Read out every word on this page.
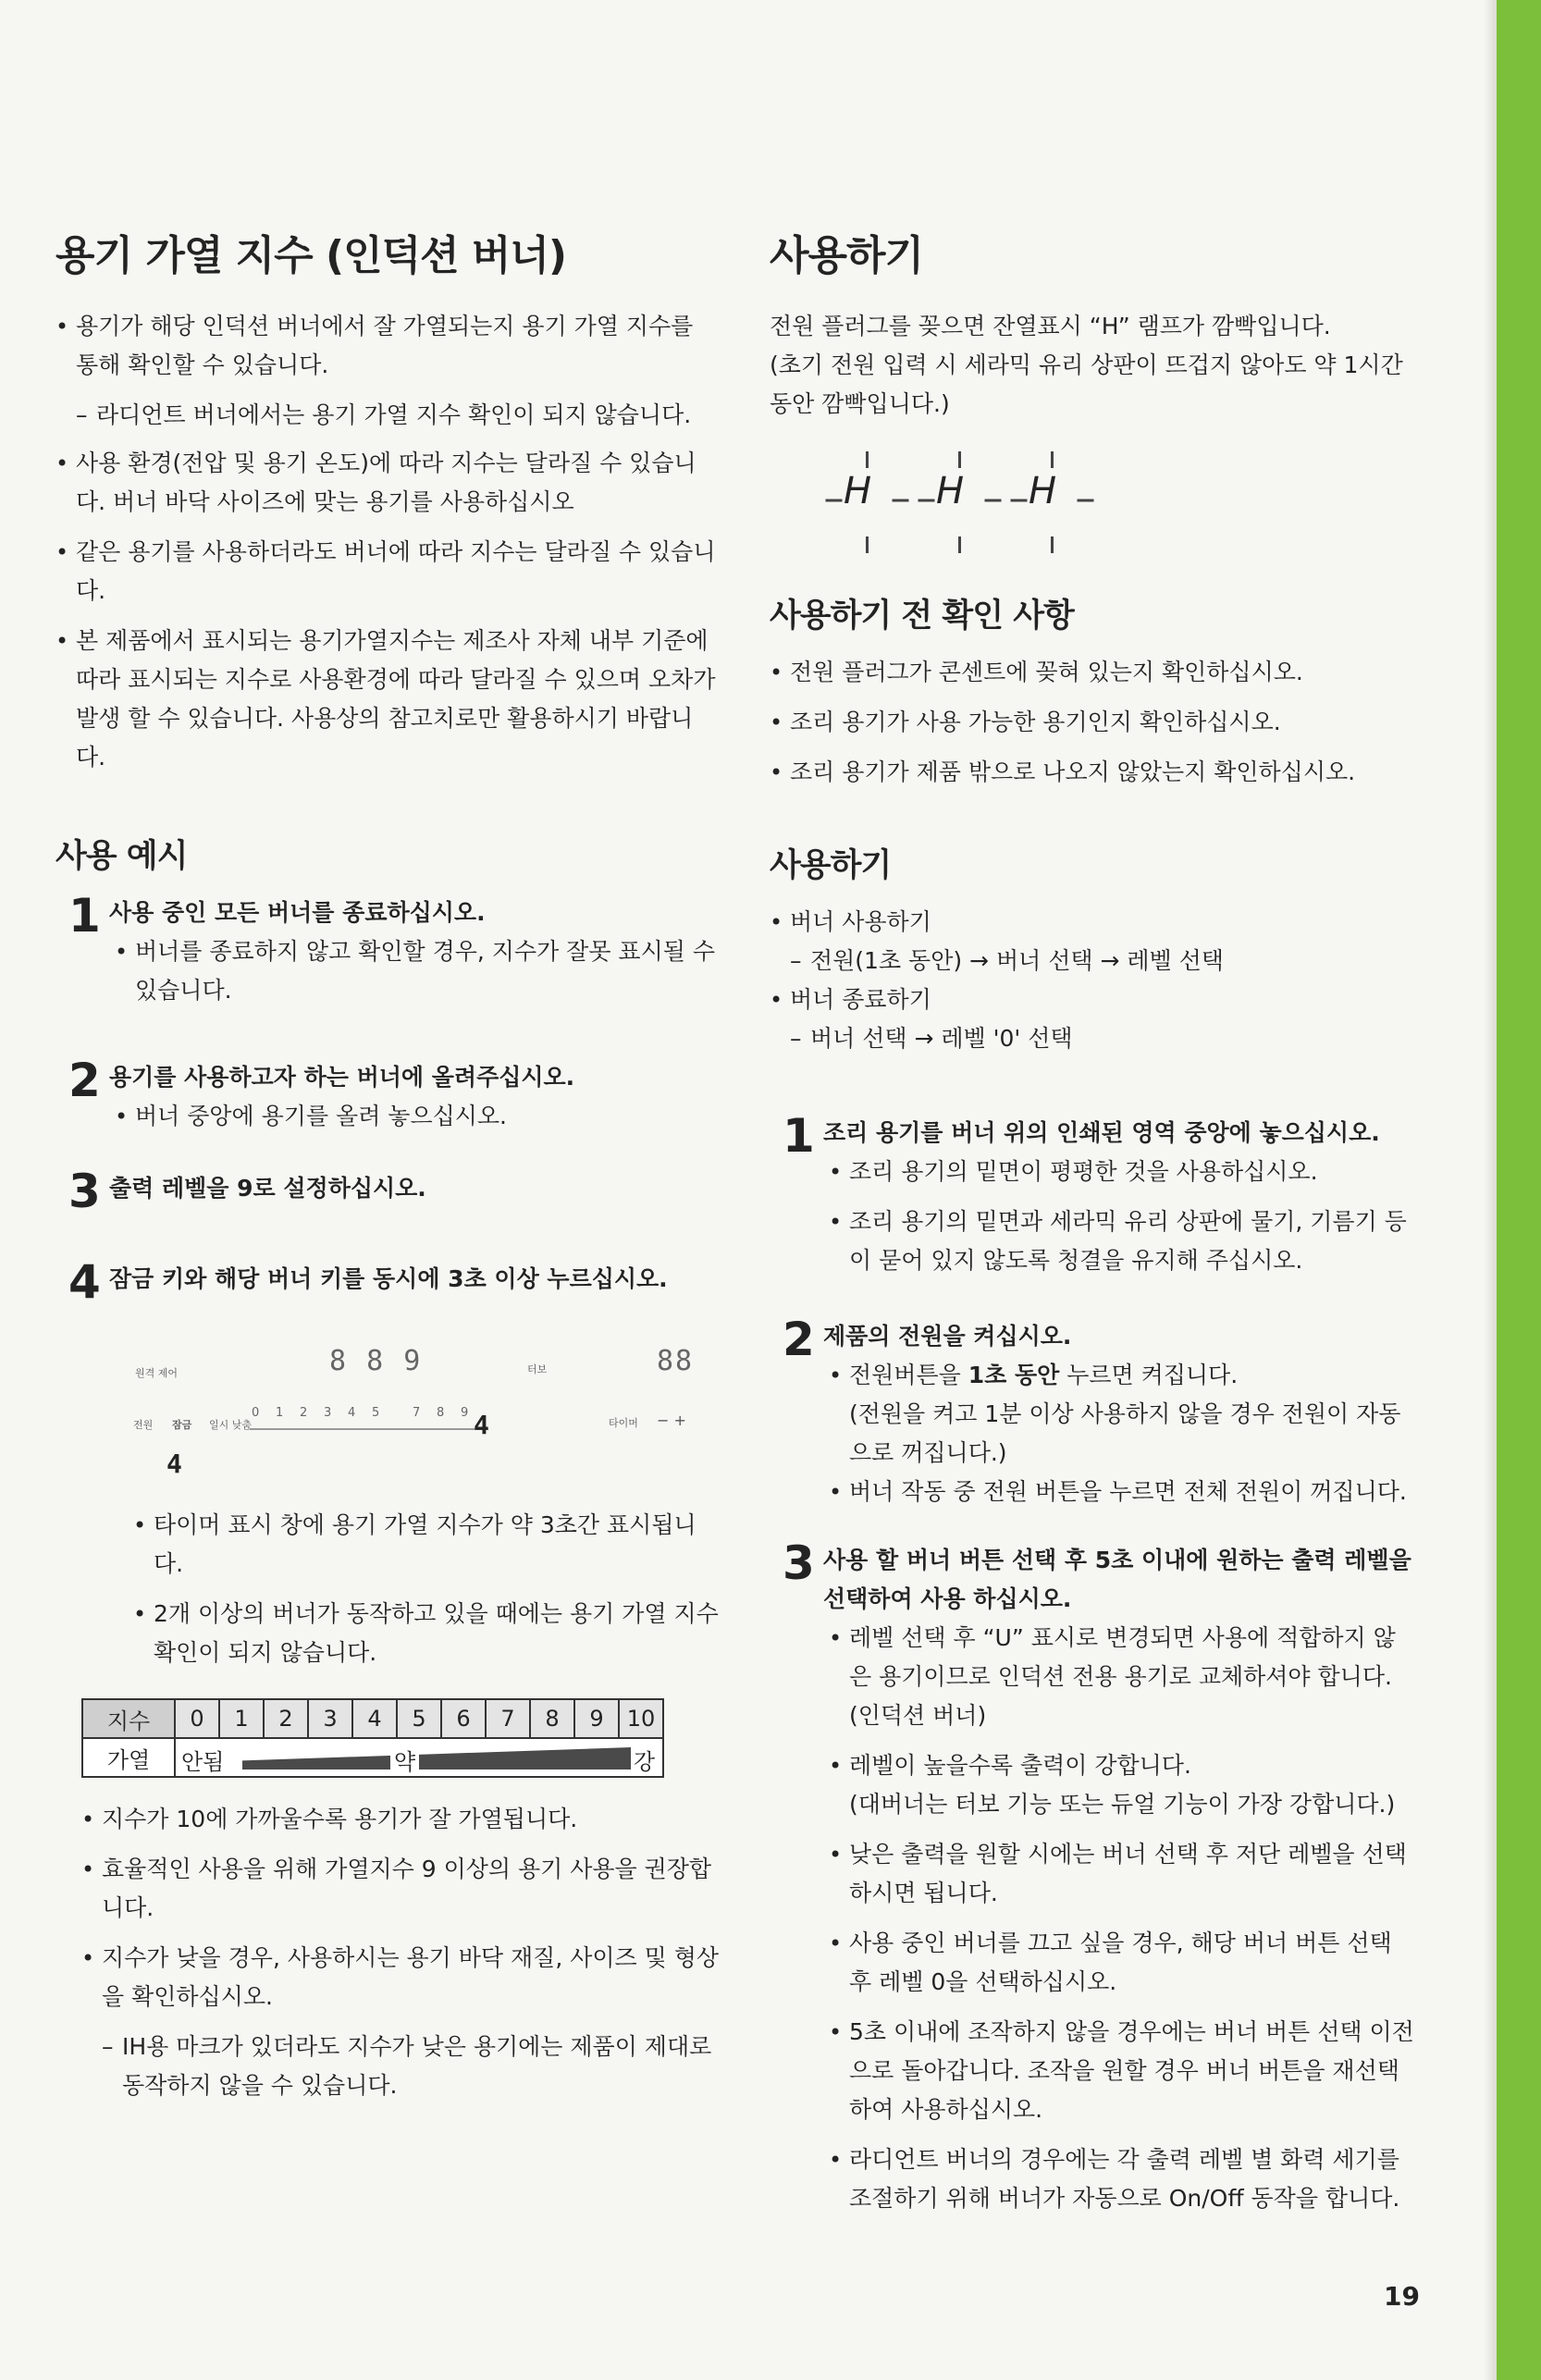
용기 가열 지수 (인덕션 버너)
• 용기가 해당 인덕션 버너에서 잘 가열되는지 용기 가열 지수를 통해 확인할 수 있습니다.
– 라디언트 버너에서는 용기 가열 지수 확인이 되지 않습니다.
• 사용 환경(전압 및 용기 온도)에 따라 지수는 달라질 수 있습니다. 버너 바닥 사이즈에 맞는 용기를 사용하십시오
• 같은 용기를 사용하더라도 버너에 따라 지수는 달라질 수 있습니다.
• 본 제품에서 표시되는 용기가열지수는 제조사 자체 내부 기준에 따라 표시되는 지수로 사용환경에 따라 달라질 수 있으며 오차가 발생 할 수 있습니다. 사용상의 참고치로만 활용하시기 바랍니다.
사용 예시
1 사용 중인 모든 버너를 종료하십시오.
• 버너를 종료하지 않고 확인할 경우, 지수가 잘못 표시될 수 있습니다.
2 용기를 사용하고자 하는 버너에 올려주십시오.
• 버너 중앙에 용기를 올려 놓으십시오.
3 출력 레벨을 9로 설정하십시오.
4 잠금 키와 해당 버너 키를 동시에 3초 이상 누르십시오.
원격 제어	8 8 9	터보	88
전원 잠금 일시 낮춤
0 1 2 3 4 5	7 8 9
타이머 − +
4
4
• 타이머 표시 창에 용기 가열 지수가 약 3초간 표시됩니다.
• 2개 이상의 버너가 동작하고 있을 때에는 용기 가열 지수 확인이 되지 않습니다.
지수	0	1	2	3	4	5	6	7	8	9	10
가열	안됨 약 강										
• 지수가 10에 가까울수록 용기가 잘 가열됩니다.
• 효율적인 사용을 위해 가열지수 9 이상의 용기 사용을 권장합니다.
• 지수가 낮을 경우, 사용하시는 용기 바닥 재질, 사이즈 및 형상을 확인하십시오.
– IH용 마크가 있더라도 지수가 낮은 용기에는 제품이 제대로 동작하지 않을 수 있습니다.
사용하기

전원 플러그를 꽂으면 잔열표시 “H” 램프가 깜빡입니다.

(초기 전원 입력 시 세라믹 유리 상판이 뜨겁지 않아도 약 1시간 동안 깜빡입니다.)

H H H
사용하기 전 확인 사항
• 전원 플러그가 콘센트에 꽂혀 있는지 확인하십시오.
• 조리 용기가 사용 가능한 용기인지 확인하십시오.
• 조리 용기가 제품 밖으로 나오지 않았는지 확인하십시오.
사용하기
• 버너 사용하기
– 전원(1초 동안) → 버너 선택 → 레벨 선택
• 버너 종료하기
– 버너 선택 → 레벨 '0' 선택
1 조리 용기를 버너 위의 인쇄된 영역 중앙에 놓으십시오.
• 조리 용기의 밑면이 평평한 것을 사용하십시오.
• 조리 용기의 밑면과 세라믹 유리 상판에 물기, 기름기 등이 묻어 있지 않도록 청결을 유지해 주십시오.
2 제품의 전원을 켜십시오.
• 전원버튼을 1초 동안 누르면 켜집니다.
(전원을 켜고 1분 이상 사용하지 않을 경우 전원이 자동으로 꺼집니다.)
• 버너 작동 중 전원 버튼을 누르면 전체 전원이 꺼집니다.
3 사용 할 버너 버튼 선택 후 5초 이내에 원하는 출력 레벨을 선택하여 사용 하십시오.
• 레벨 선택 후 “U” 표시로 변경되면 사용에 적합하지 않은 용기이므로 인덕션 전용 용기로 교체하셔야 합니다. (인덕션 버너)
• 레벨이 높을수록 출력이 강합니다.
(대버너는 터보 기능 또는 듀얼 기능이 가장 강합니다.)
• 낮은 출력을 원할 시에는 버너 선택 후 저단 레벨을 선택 하시면 됩니다.
• 사용 중인 버너를 끄고 싶을 경우, 해당 버너 버튼 선택 후 레벨 0을 선택하십시오.
• 5초 이내에 조작하지 않을 경우에는 버너 버튼 선택 이전으로 돌아갑니다. 조작을 원할 경우 버너 버튼을 재선택하여 사용하십시오.
• 라디언트 버너의 경우에는 각 출력 레벨 별 화력 세기를 조절하기 위해 버너가 자동으로 On/Off 동작을 합니다.
19
